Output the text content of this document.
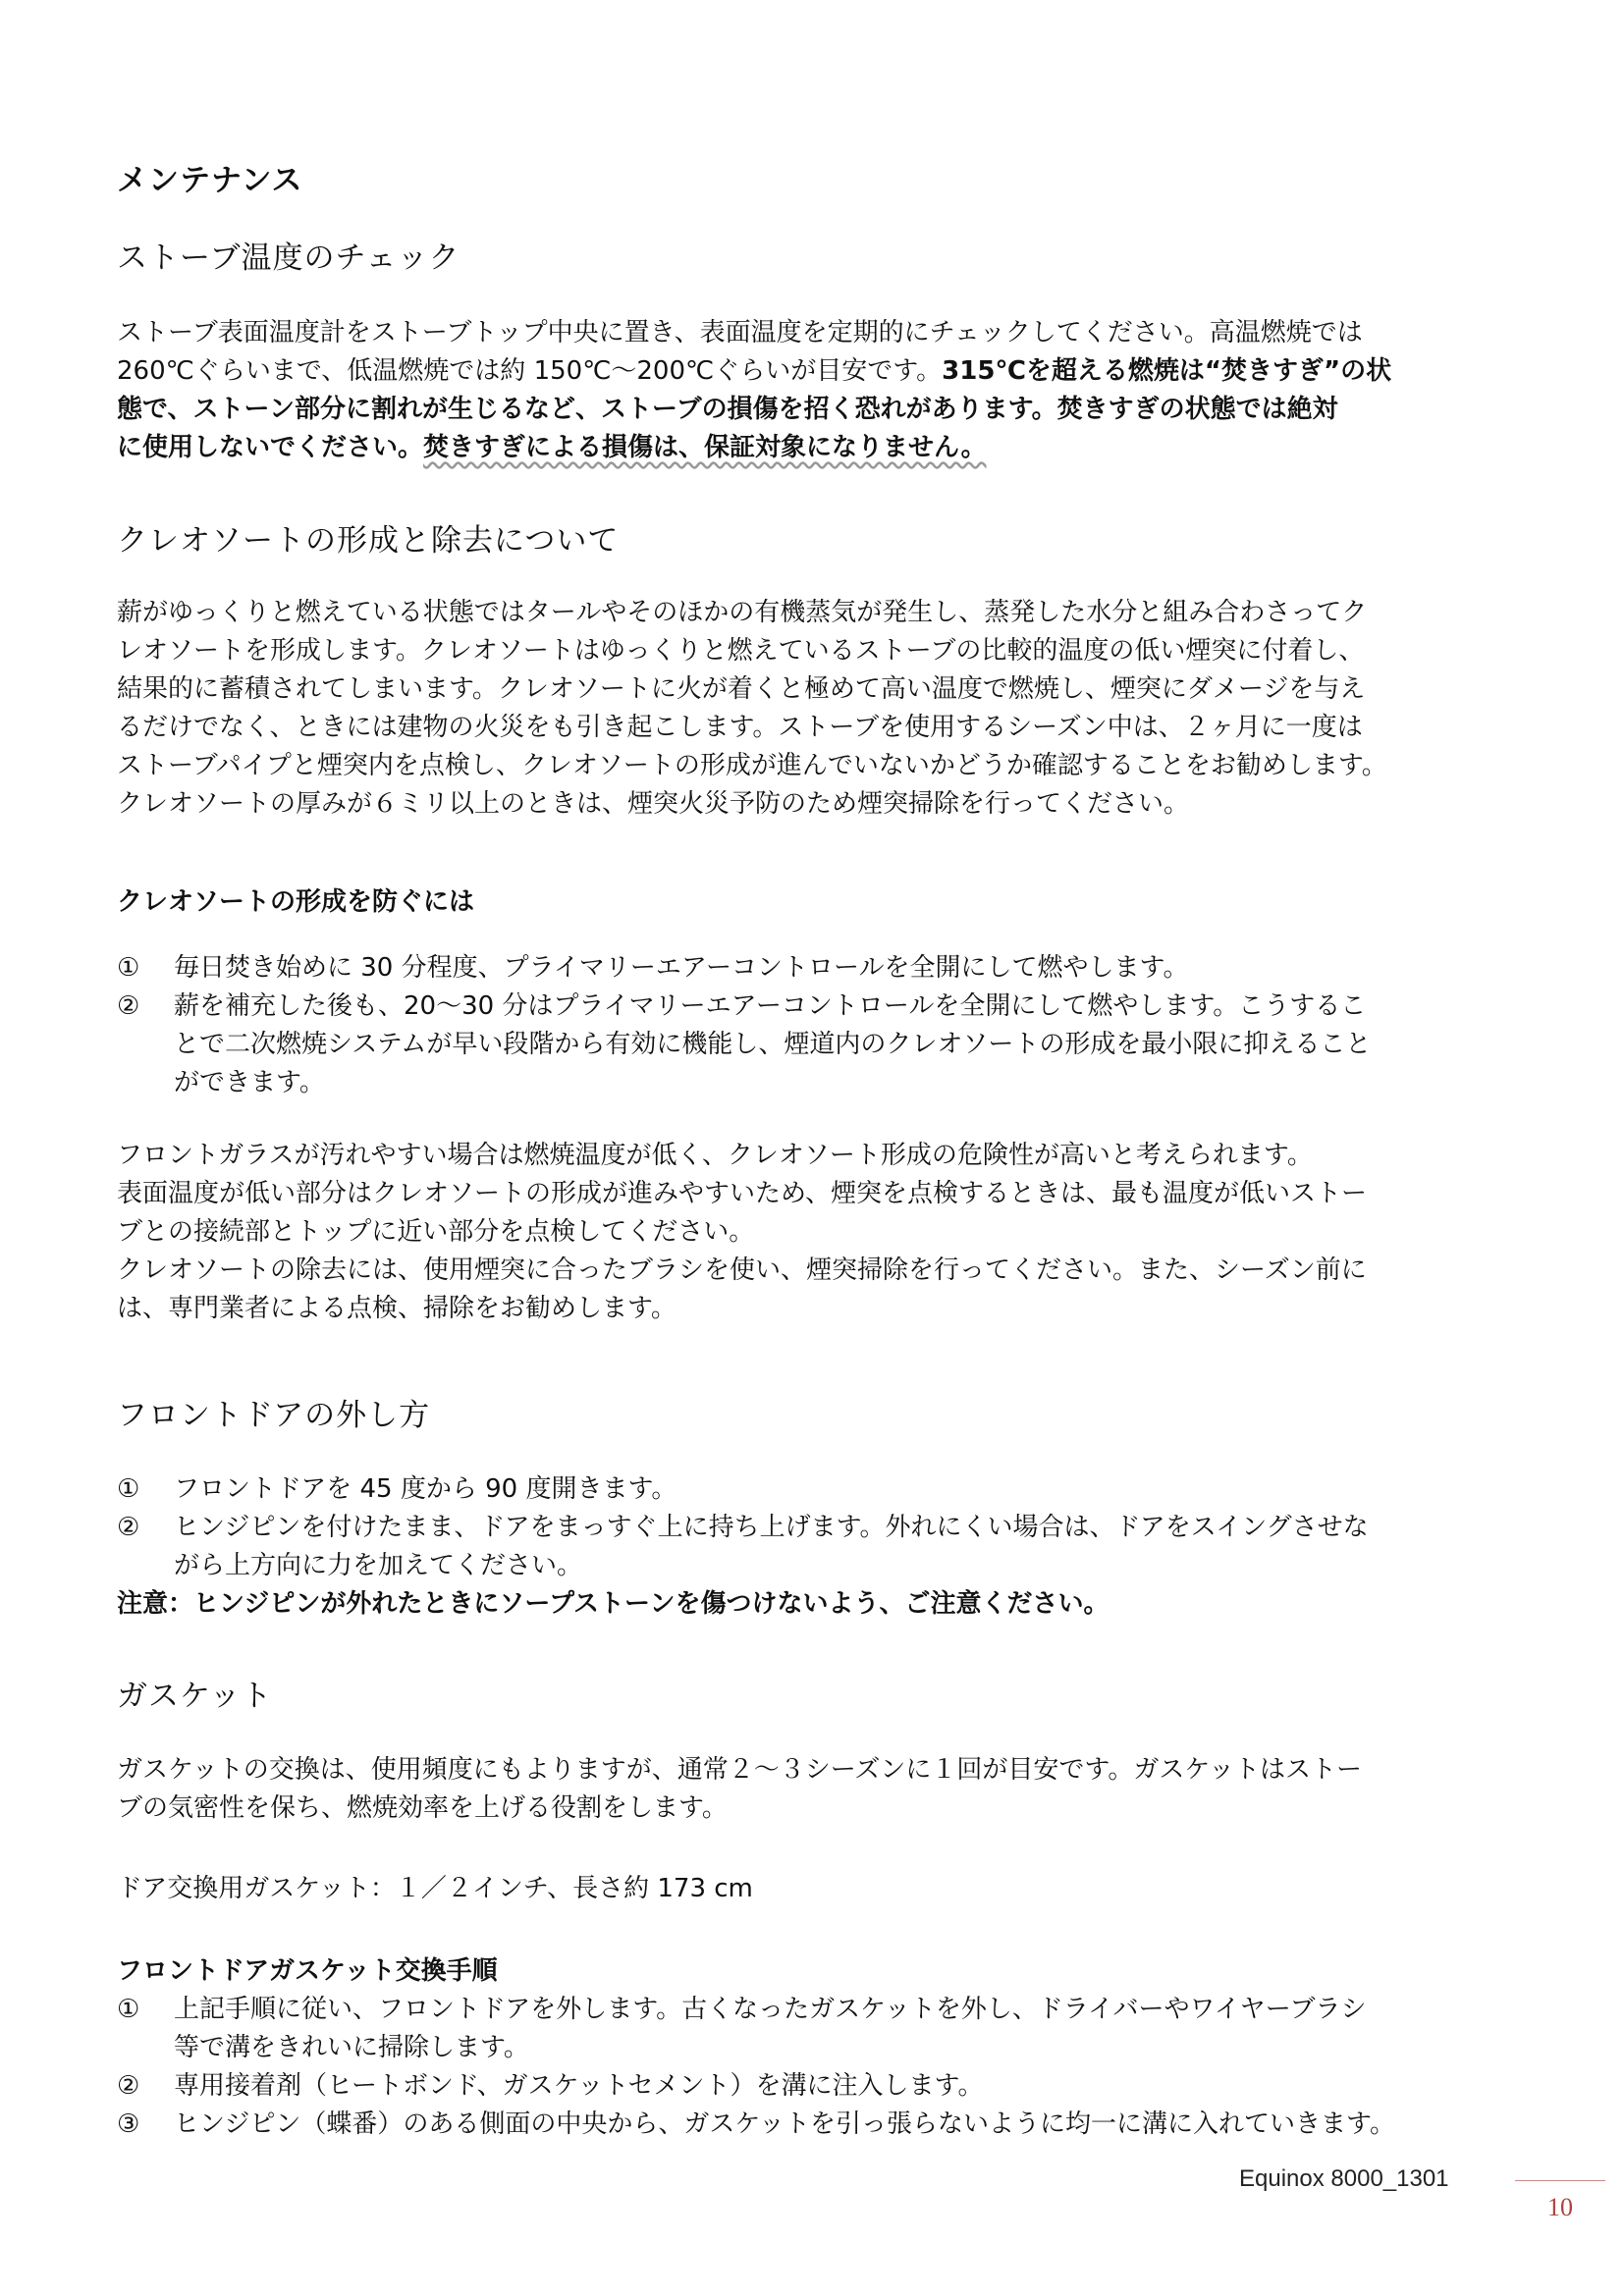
メンテナンス
ストーブ温度のチェック
ストーブ表面温度計をストーブトップ中央に置き、表面温度を定期的にチェックしてください。高温燃焼では
260℃ぐらいまで、低温燃焼では約 150℃～200℃ぐらいが目安です。315℃を超える燃焼は“焚きすぎ”の状
態で、ストーン部分に割れが生じるなど、ストーブの損傷を招く恐れがあります。焚きすぎの状態では絶対
に使用しないでください。焚きすぎによる損傷は、保証対象になりません。
クレオソートの形成と除去について
薪がゆっくりと燃えている状態ではタールやそのほかの有機蒸気が発生し、蒸発した水分と組み合わさってク
レオソートを形成します。クレオソートはゆっくりと燃えているストーブの比較的温度の低い煙突に付着し、
結果的に蓄積されてしまいます。クレオソートに火が着くと極めて高い温度で燃焼し、煙突にダメージを与え
るだけでなく、ときには建物の火災をも引き起こします。ストーブを使用するシーズン中は、２ヶ月に一度は
ストーブパイプと煙突内を点検し、クレオソートの形成が進んでいないかどうか確認することをお勧めします。
クレオソートの厚みが６ミリ以上のときは、煙突火災予防のため煙突掃除を行ってください。
クレオソートの形成を防ぐには
① 毎日焚き始めに 30 分程度、プライマリーエアーコントロールを全開にして燃やします。
② 薪を補充した後も、20～30 分はプライマリーエアーコントロールを全開にして燃やします。こうするこ
とで二次燃焼システムが早い段階から有効に機能し、煙道内のクレオソートの形成を最小限に抑えること
ができます。
フロントガラスが汚れやすい場合は燃焼温度が低く、クレオソート形成の危険性が高いと考えられます。
表面温度が低い部分はクレオソートの形成が進みやすいため、煙突を点検するときは、最も温度が低いストー
ブとの接続部とトップに近い部分を点検してください。
クレオソートの除去には、使用煙突に合ったブラシを使い、煙突掃除を行ってください。また、シーズン前に
は、専門業者による点検、掃除をお勧めします。
フロントドアの外し方
① フロントドアを 45 度から 90 度開きます。
② ヒンジピンを付けたまま、ドアをまっすぐ上に持ち上げます。外れにくい場合は、ドアをスイングさせな
がら上方向に力を加えてください。
注意：ヒンジピンが外れたときにソープストーンを傷つけないよう、ご注意ください。
ガスケット
ガスケットの交換は、使用頻度にもよりますが、通常２～３シーズンに１回が目安です。ガスケットはストー
ブの気密性を保ち、燃焼効率を上げる役割をします。
ドア交換用ガスケット：１／２インチ、長さ約 173 cm
フロントドアガスケット交換手順
① 上記手順に従い、フロントドアを外します。古くなったガスケットを外し、ドライバーやワイヤーブラシ
等で溝をきれいに掃除します。
② 専用接着剤（ヒートボンド、ガスケットセメント）を溝に注入します。
③ ヒンジピン（蝶番）のある側面の中央から、ガスケットを引っ張らないように均一に溝に入れていきます。
Equinox 8000_1301
10
